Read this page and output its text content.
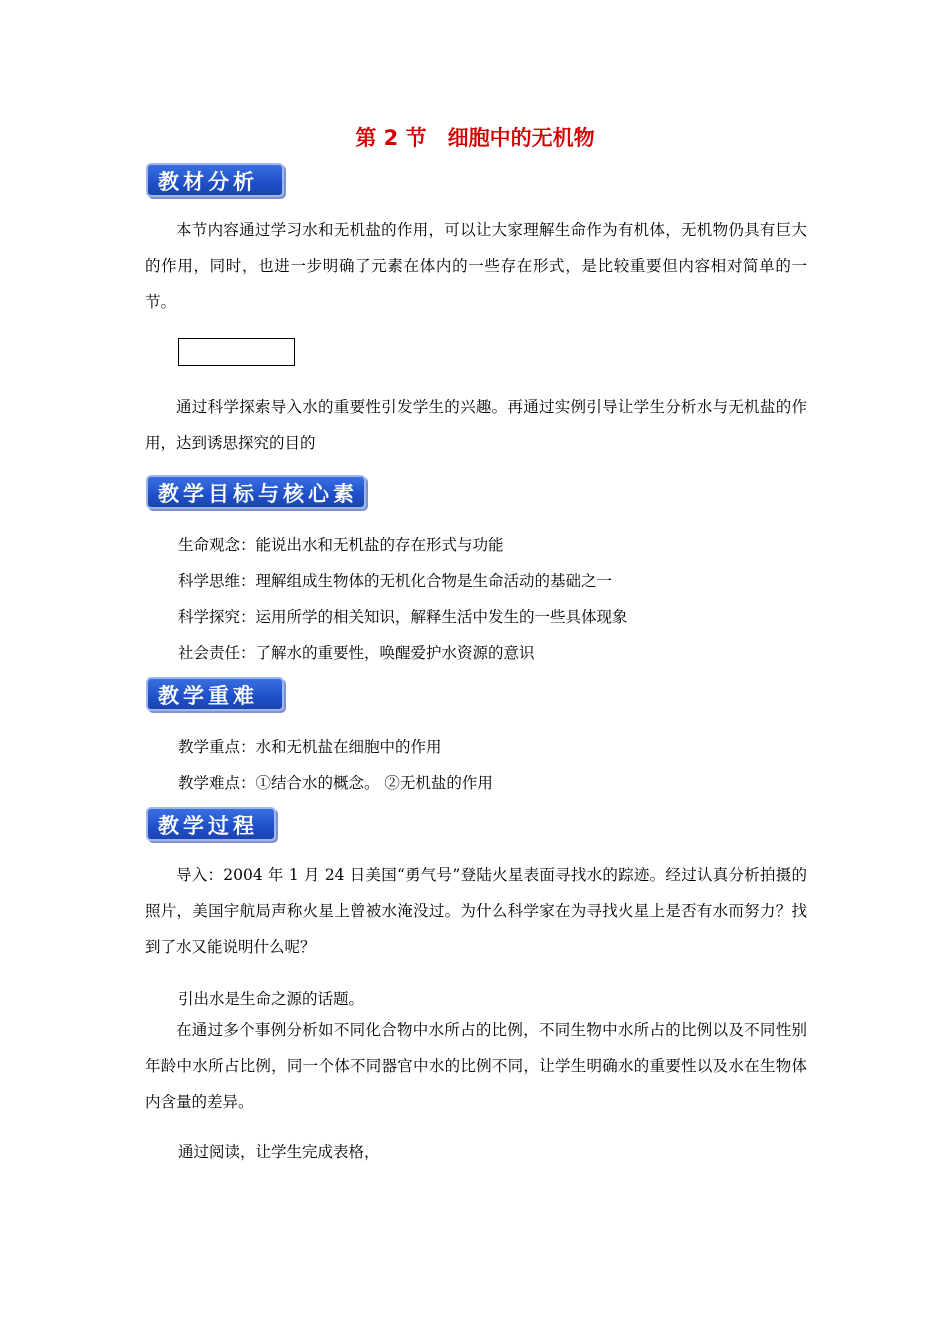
第 2 节　细胞中的无机物
教材分析
本节内容通过学习水和无机盐的作用，可以让大家理解生命作为有机体，无机物仍具有巨大的作用，同时，也进一步明确了元素在体内的一些存在形式，是比较重要但内容相对简单的一节。
通过科学探索导入水的重要性引发学生的兴趣。再通过实例引导让学生分析水与无机盐的作用，达到诱思探究的目的
教学目标与核心素养
生命观念：能说出水和无机盐的存在形式与功能
科学思维：理解组成生物体的无机化合物是生命活动的基础之一
科学探究：运用所学的相关知识，解释生活中发生的一些具体现象
社会责任：了解水的重要性，唤醒爱护水资源的意识
教学重难点
教学重点：水和无机盐在细胞中的作用
教学难点：①结合水的概念。 ②无机盐的作用
教学过程
导入：2004 年 1 月 24 日美国“勇气号”登陆火星表面寻找水的踪迹。经过认真分析拍摄的照片，美国宇航局声称火星上曾被水淹没过。为什么科学家在为寻找火星上是否有水而努力？找到了水又能说明什么呢？
引出水是生命之源的话题。
在通过多个事例分析如不同化合物中水所占的比例，不同生物中水所占的比例以及不同性别年龄中水所占比例，同一个体不同器官中水的比例不同，让学生明确水的重要性以及水在生物体内含量的差异。
通过阅读，让学生完成表格，
